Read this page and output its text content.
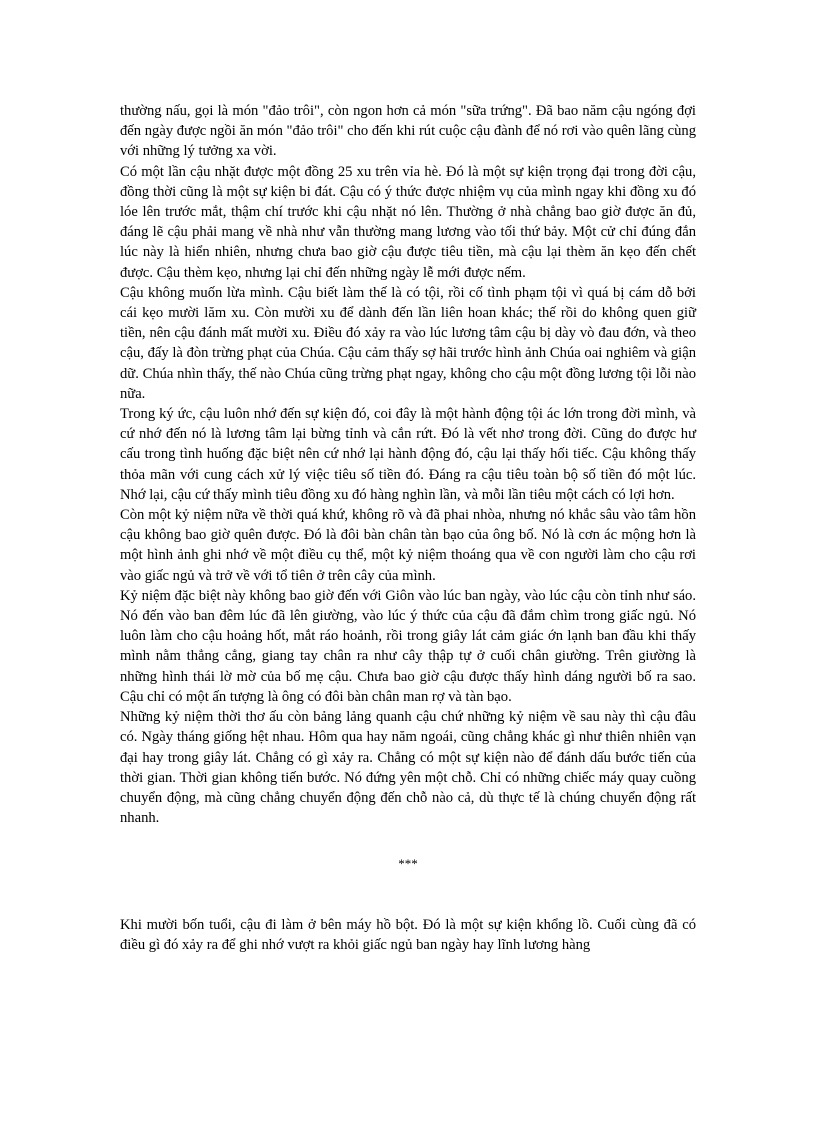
thường nấu, gọi là món "đảo trôi", còn ngon hơn cả món "sữa trứng". Đã bao năm cậu ngóng đợi đến ngày được ngồi ăn món "đảo trôi" cho đến khi rút cuộc cậu đành để nó rơi vào quên lãng cùng với những lý tưởng xa vời.

Có một lần cậu nhặt được một đồng 25 xu trên vỉa hè. Đó là một sự kiện trọng đại trong đời cậu, đồng thời cũng là một sự kiện bi đát. Cậu có ý thức được nhiệm vụ của mình ngay khi đồng xu đó lóe lên trước mắt, thậm chí trước khi cậu nhặt nó lên. Thường ở nhà chẳng bao giờ được ăn đủ, đáng lẽ cậu phải mang về nhà như vẫn thường mang lương vào tối thứ bảy. Một cử chỉ đúng đắn lúc này là hiển nhiên, nhưng chưa bao giờ cậu được tiêu tiền, mà cậu lại thèm ăn kẹo đến chết được. Cậu thèm kẹo, nhưng lại chỉ đến những ngày lễ mới được nếm.

Cậu không muốn lừa mình. Cậu biết làm thế là có tội, rồi cố tình phạm tội vì quá bị cám dỗ bởi cái kẹo mười lăm xu. Còn mười xu để dành đến lần liên hoan khác; thế rồi do không quen giữ tiền, nên cậu đánh mất mười xu. Điều đó xảy ra vào lúc lương tâm cậu bị dày vò đau đớn, và theo cậu, đấy là đòn trừng phạt của Chúa. Cậu cảm thấy sợ hãi trước hình ảnh Chúa oai nghiêm và giận dữ. Chúa nhìn thấy, thế nào Chúa cũng trừng phạt ngay, không cho cậu một đồng lương tội lỗi nào nữa.

Trong ký ức, cậu luôn nhớ đến sự kiện đó, coi đây là một hành động tội ác lớn trong đời mình, và cứ nhớ đến nó là lương tâm lại bừng tỉnh và cắn rứt. Đó là vết nhơ trong đời. Cũng do được hư cấu trong tình huống đặc biệt nên cứ nhớ lại hành động đó, cậu lại thấy hối tiếc. Cậu không thấy thỏa mãn với cung cách xử lý việc tiêu số tiền đó. Đáng ra cậu tiêu toàn bộ số tiền đó một lúc. Nhớ lại, cậu cứ thấy mình tiêu đồng xu đó hàng nghìn lần, và mỗi lần tiêu một cách có lợi hơn.

Còn một kỷ niệm nữa về thời quá khứ, không rõ và đã phai nhòa, nhưng nó khắc sâu vào tâm hồn cậu không bao giờ quên được. Đó là đôi bàn chân tàn bạo của ông bố. Nó là cơn ác mộng hơn là một hình ảnh ghi nhớ về một điều cụ thể, một kỷ niệm thoáng qua về con người làm cho cậu rơi vào giấc ngủ và trở về với tổ tiên ở trên cây của mình.

Kỷ niệm đặc biệt này không bao giờ đến với Giôn vào lúc ban ngày, vào lúc cậu còn tỉnh như sáo. Nó đến vào ban đêm lúc đã lên giường, vào lúc ý thức của cậu đã đắm chìm trong giấc ngủ. Nó luôn làm cho cậu hoảng hốt, mắt ráo hoảnh, rồi trong giây lát cảm giác ớn lạnh ban đầu khi thấy mình nằm thẳng cẳng, giang tay chân ra như cây thập tự ở cuối chân giường. Trên giường là những hình thái lờ mờ của bố mẹ cậu. Chưa bao giờ cậu được thấy hình dáng người bố ra sao. Cậu chỉ có một ấn tượng là ông có đôi bàn chân man rợ và tàn bạo.

Những kỷ niệm thời thơ ấu còn bảng lảng quanh cậu chứ những kỷ niệm về sau này thì cậu đâu có. Ngày tháng giống hệt nhau. Hôm qua hay năm ngoái, cũng chẳng khác gì như thiên nhiên vạn đại hay trong giây lát. Chẳng có gì xảy ra. Chẳng có một sự kiện nào để đánh dấu bước tiến của thời gian. Thời gian không tiến bước. Nó đứng yên một chỗ. Chỉ có những chiếc máy quay cuồng chuyển động, mà cũng chẳng chuyển động đến chỗ nào cả, dù thực tế là chúng chuyển động rất nhanh.

***

Khi mười bốn tuổi, cậu đi làm ở bên máy hồ bột. Đó là một sự kiện khổng lồ. Cuối cùng đã có điều gì đó xảy ra để ghi nhớ vượt ra khỏi giấc ngủ ban ngày hay lĩnh lương hàng
